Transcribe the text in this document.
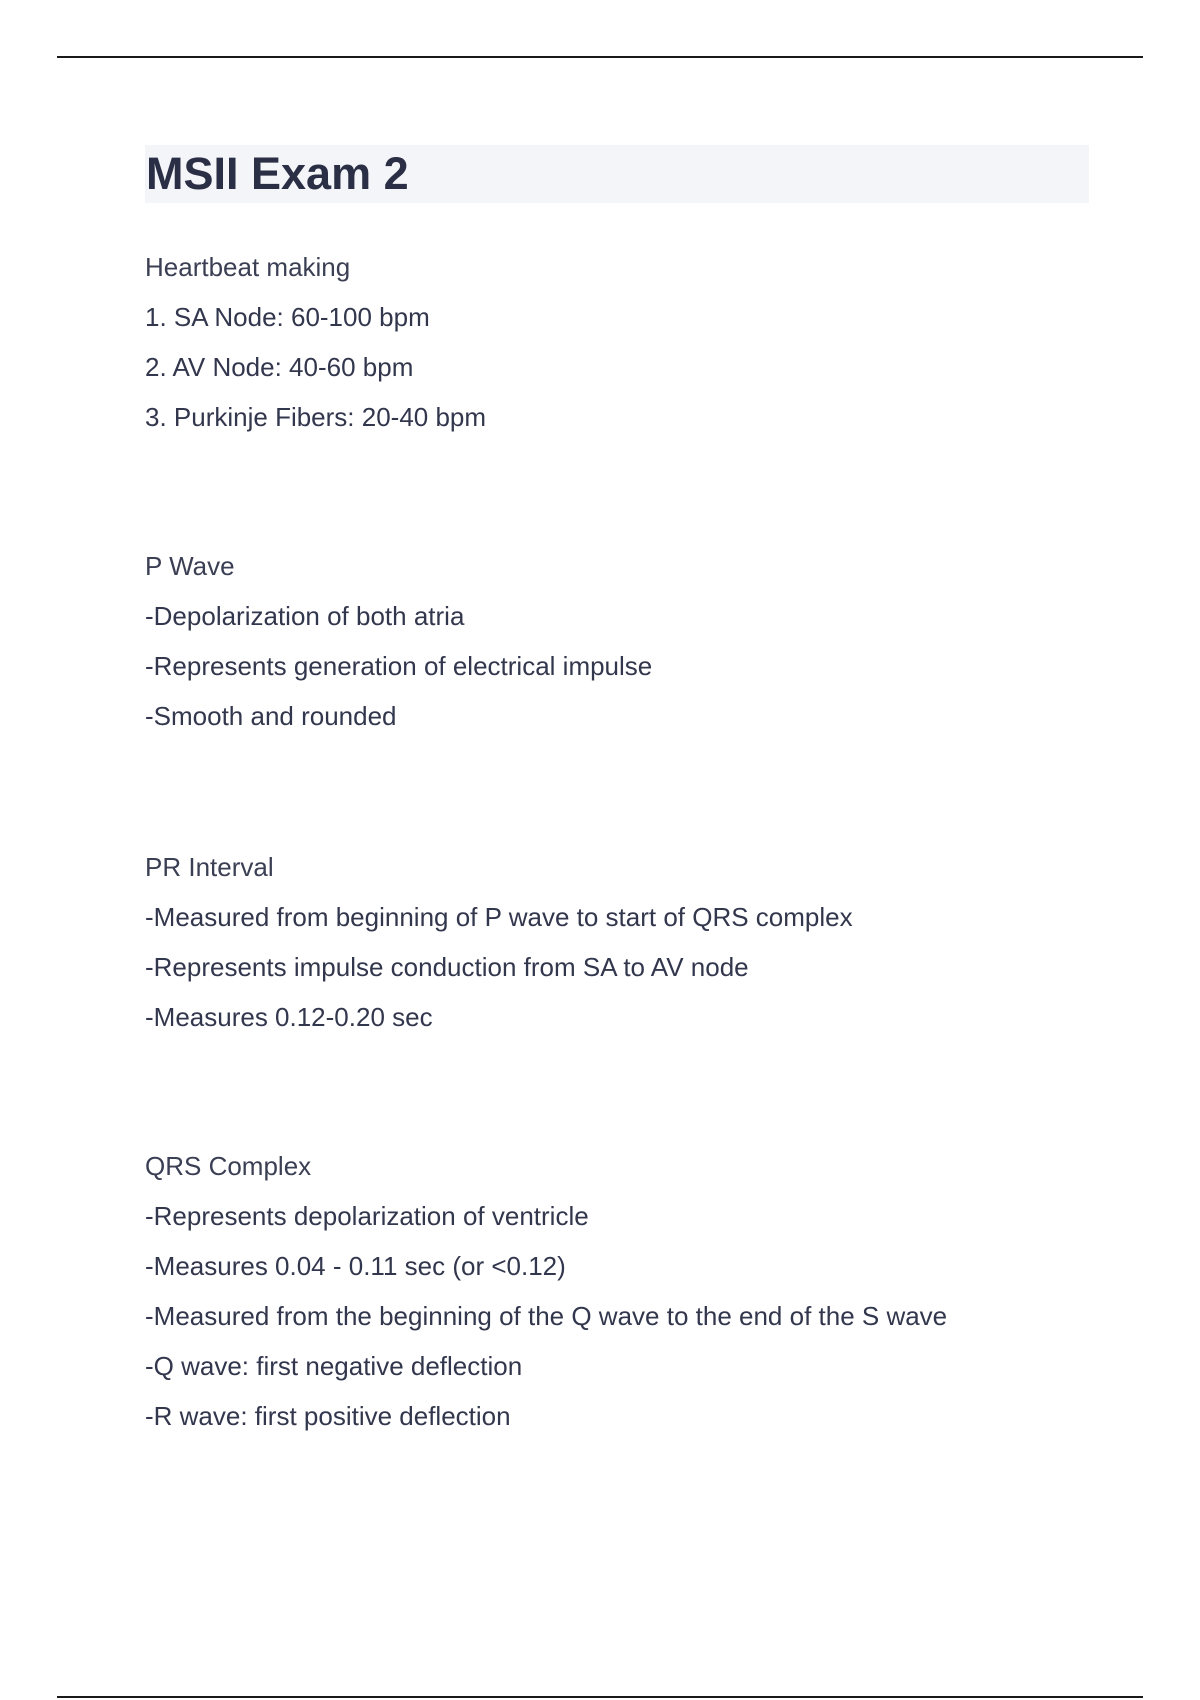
MSII Exam 2
Heartbeat making
1. SA Node: 60-100 bpm
2. AV Node: 40-60 bpm
3. Purkinje Fibers: 20-40 bpm
P Wave
-Depolarization of both atria
-Represents generation of electrical impulse
-Smooth and rounded
PR Interval
-Measured from beginning of P wave to start of QRS complex
-Represents impulse conduction from SA to AV node
-Measures 0.12-0.20 sec
QRS Complex
-Represents depolarization of ventricle
-Measures 0.04 - 0.11 sec (or <0.12)
-Measured from the beginning of the Q wave to the end of the S wave
-Q wave: first negative deflection
-R wave: first positive deflection
